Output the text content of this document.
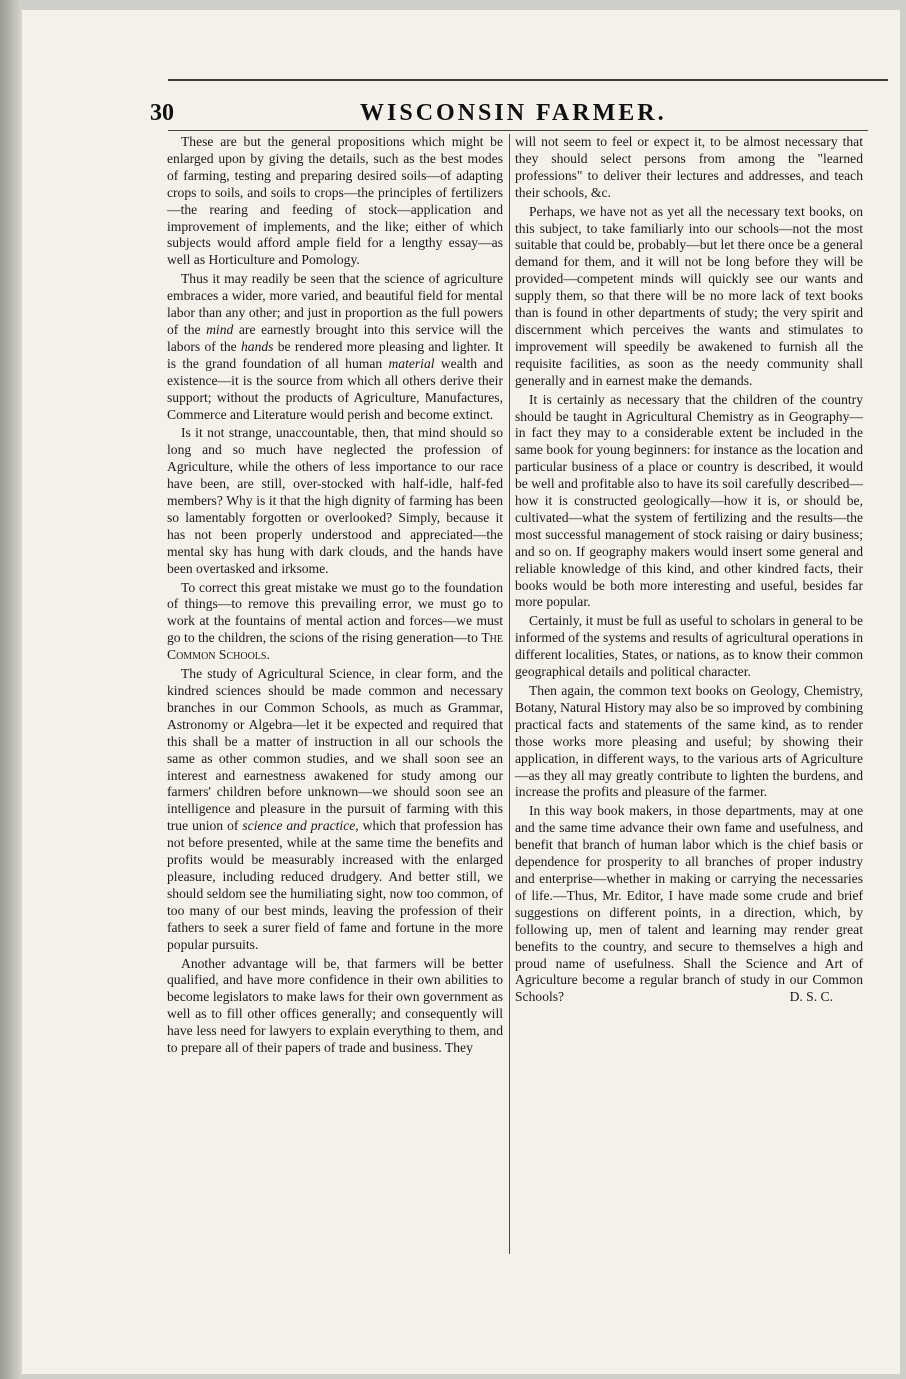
30	WISCONSIN FARMER.

These are but the general propositions which might be enlarged upon by giving the details, such as the best modes of farming, testing and preparing desired soils—of adapting crops to soils, and soils to crops—the principles of fertilizers—the rearing and feeding of stock—application and improvement of implements, and the like; either of which subjects would afford ample field for a lengthy essay—as well as Horticulture and Pomology.

Thus it may readily be seen that the science of agriculture embraces a wider, more varied, and beautiful field for mental labor than any other; and just in proportion as the full powers of the mind are earnestly brought into this service will the labors of the hands be rendered more pleasing and lighter. It is the grand foundation of all human material wealth and existence—it is the source from which all others derive their support; without the products of Agriculture, Manufactures, Commerce and Literature would perish and become extinct.

Is it not strange, unaccountable, then, that mind should so long and so much have neglected the profession of Agriculture, while the others of less importance to our race have been, are still, over-stocked with half-idle, half-fed members? Why is it that the high dignity of farming has been so lamentably forgotten or overlooked? Simply, because it has not been properly understood and appreciated—the mental sky has hung with dark clouds, and the hands have been overtasked and irksome.

To correct this great mistake we must go to the foundation of things—to remove this prevailing error, we must go to work at the fountains of mental action and forces—we must go to the children, the scions of the rising generation—to The Common Schools.

The study of Agricultural Science, in clear form, and the kindred sciences should be made common and necessary branches in our Common Schools, as much as Grammar, Astronomy or Algebra—let it be expected and required that this shall be a matter of instruction in all our schools the same as other common studies, and we shall soon see an interest and earnestness awakened for study among our farmers' children before unknown—we should soon see an intelligence and pleasure in the pursuit of farming with this true union of science and practice, which that profession has not before presented, while at the same time the benefits and profits would be measurably increased with the enlarged pleasure, including reduced drudgery. And better still, we should seldom see the humiliating sight, now too common, of too many of our best minds, leaving the profession of their fathers to seek a surer field of fame and fortune in the more popular pursuits.

Another advantage will be, that farmers will be better qualified, and have more confidence in their own abilities to become legislators to make laws for their own government as well as to fill other offices generally; and consequently will have less need for lawyers to explain everything to them, and to prepare all of their papers of trade and business. They

will not seem to feel or expect it, to be almost necessary that they should select persons from among the "learned professions" to deliver their lectures and addresses, and teach their schools, &c.

Perhaps, we have not as yet all the necessary text books, on this subject, to take familiarly into our schools—not the most suitable that could be, probably—but let there once be a general demand for them, and it will not be long before they will be provided—competent minds will quickly see our wants and supply them, so that there will be no more lack of text books than is found in other departments of study; the very spirit and discernment which perceives the wants and stimulates to improvement will speedily be awakened to furnish all the requisite facilities, as soon as the needy community shall generally and in earnest make the demands.

It is certainly as necessary that the children of the country should be taught in Agricultural Chemistry as in Geography—in fact they may to a considerable extent be included in the same book for young beginners: for instance as the location and particular business of a place or country is described, it would be well and profitable also to have its soil carefully described—how it is constructed geologically—how it is, or should be, cultivated—what the system of fertilizing and the results—the most successful management of stock raising or dairy business; and so on. If geography makers would insert some general and reliable knowledge of this kind, and other kindred facts, their books would be both more interesting and useful, besides far more popular.

Certainly, it must be full as useful to scholars in general to be informed of the systems and results of agricultural operations in different localities, States, or nations, as to know their common geographical details and political character.

Then again, the common text books on Geology, Chemistry, Botany, Natural History may also be so improved by combining practical facts and statements of the same kind, as to render those works more pleasing and useful; by showing their application, in different ways, to the various arts of Agriculture—as they all may greatly contribute to lighten the burdens, and increase the profits and pleasure of the farmer.

In this way book makers, in those departments, may at one and the same time advance their own fame and usefulness, and benefit that branch of human labor which is the chief basis or dependence for prosperity to all branches of proper industry and enterprise—whether in making or carrying the necessaries of life.—Thus, Mr. Editor, I have made some crude and brief suggestions on different points, in a direction, which, by following up, men of talent and learning may render great benefits to the country, and secure to themselves a high and proud name of usefulness. Shall the Science and Art of Agriculture become a regular branch of study in our Common Schools?	D. S. C.
